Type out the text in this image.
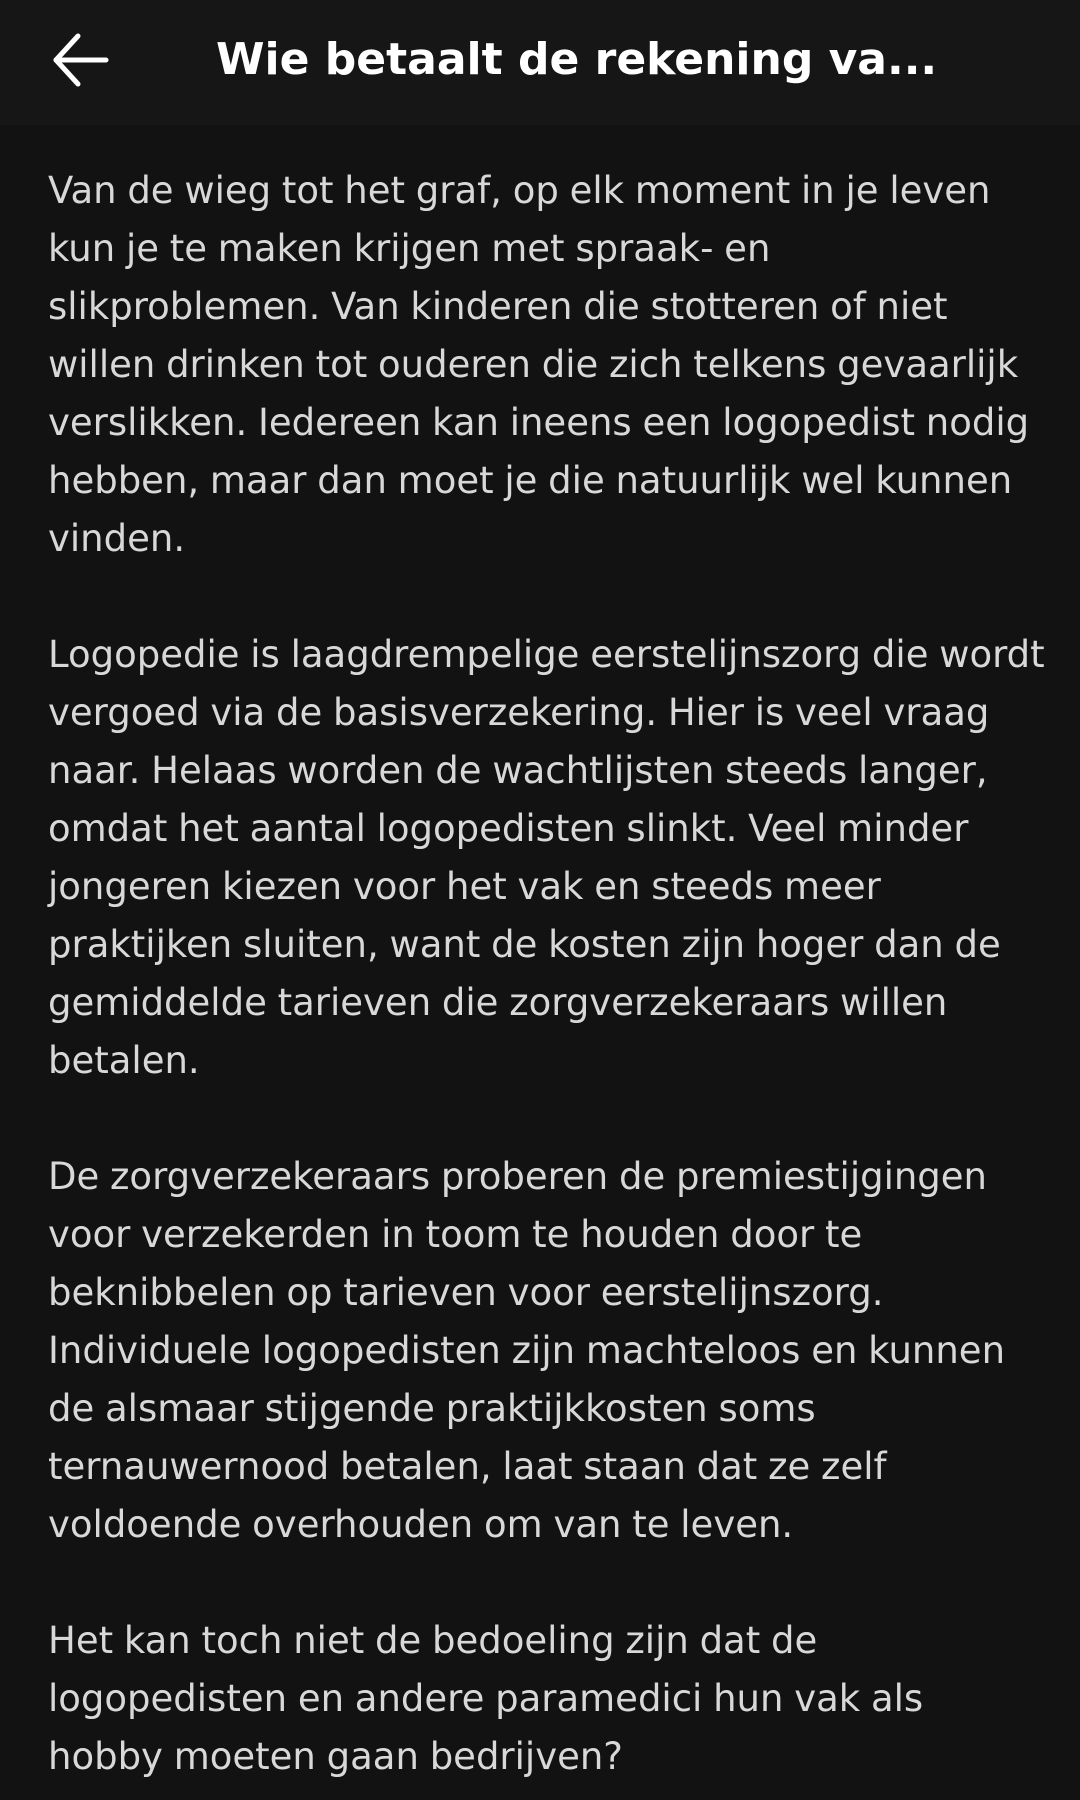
Wie betaalt de rekening va...

Van de wieg tot het graf, op elk moment in je leven kun je te maken krijgen met spraak- en slikproblemen. Van kinderen die stotteren of niet willen drinken tot ouderen die zich telkens gevaarlijk verslikken. Iedereen kan ineens een logopedist nodig hebben, maar dan moet je die natuurlijk wel kunnen vinden.

Logopedie is laagdrempelige eerstelijnszorg die wordt vergoed via de basisverzekering. Hier is veel vraag naar. Helaas worden de wachtlijsten steeds langer, omdat het aantal logopedisten slinkt. Veel minder jongeren kiezen voor het vak en steeds meer praktijken sluiten, want de kosten zijn hoger dan de gemiddelde tarieven die zorgverzekeraars willen betalen.

De zorgverzekeraars proberen de premiestijgingen voor verzekerden in toom te houden door te beknibbelen op tarieven voor eerstelijnszorg. Individuele logopedisten zijn machteloos en kunnen de alsmaar stijgende praktijkkosten soms ternauwernood betalen, laat staan dat ze zelf voldoende overhouden om van te leven.

Het kan toch niet de bedoeling zijn dat de logopedisten en andere paramedici hun vak als hobby moeten gaan bedrijven?
